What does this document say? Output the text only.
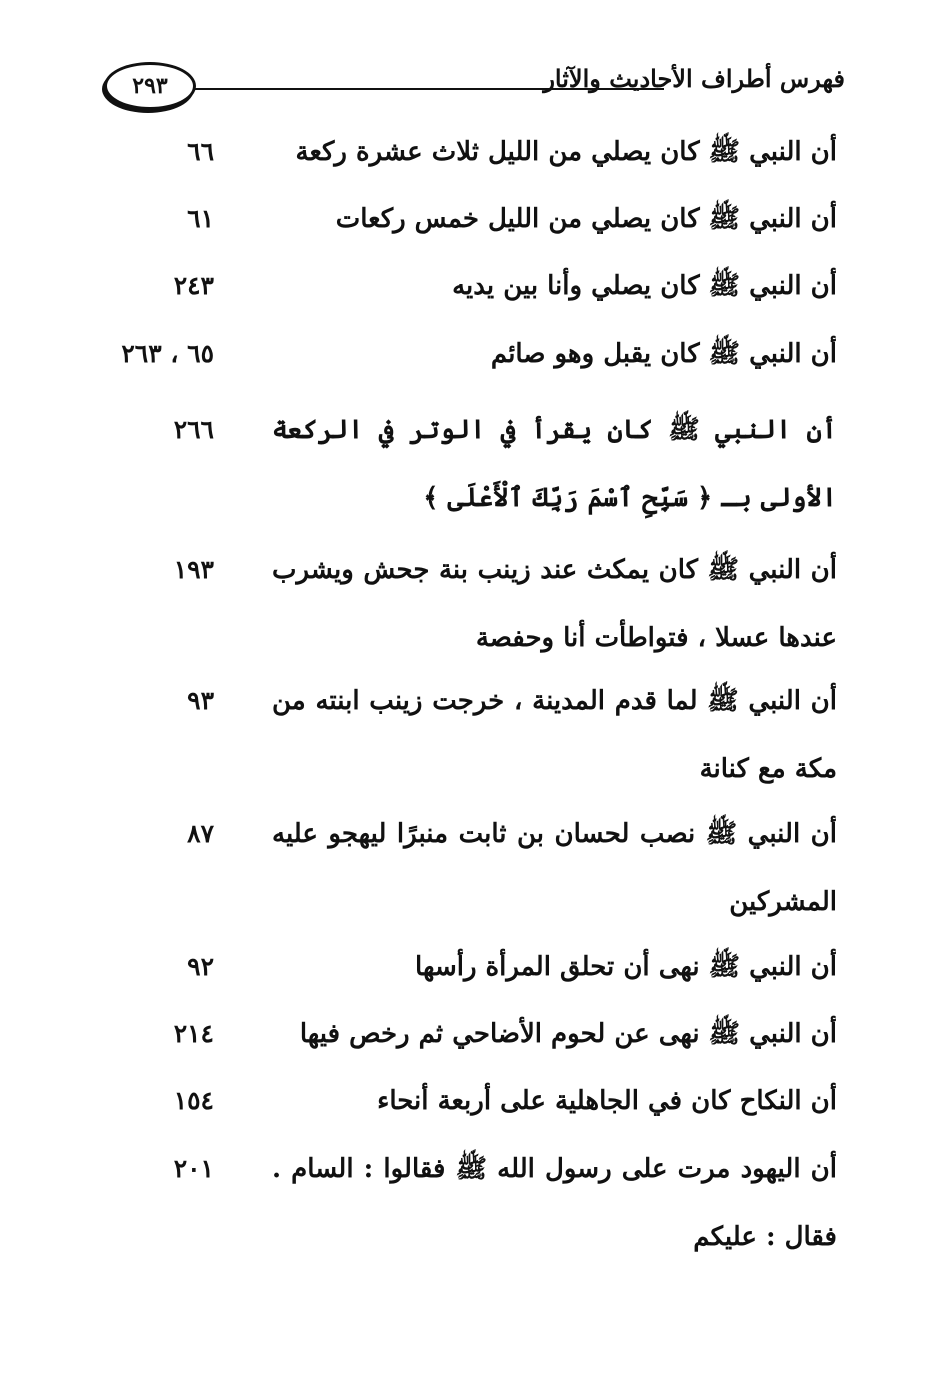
٢٩٣	فهرس أطراف الأحاديث والآثار
أن النبي ﷺ كان يصلي من الليل ثلاث عشرة ركعة
٦٦
أن النبي ﷺ كان يصلي من الليل خمس ركعات
٦١
أن النبي ﷺ كان يصلي وأنا بين يديه
٢٤٣
أن النبي ﷺ كان يقبل وهو صائم
٦٥ ، ٢٦٣
أن النبي ﷺ كان يقرأ في الوتر في الركعة الأولى بـ ﴿ سَبِّحِ ٱسْمَ رَبِّكَ ٱلْأَعْلَى ﴾
٢٦٦
أن النبي ﷺ كان يمكث عند زينب بنة جحش ويشرب عندها عسلا ، فتواطأت أنا وحفصة
١٩٣
أن النبي ﷺ لما قدم المدينة ، خرجت زينب ابنته من مكة مع كنانة
٩٣
أن النبي ﷺ نصب لحسان بن ثابت منبرًا ليهجو عليه المشركين
٨٧
أن النبي ﷺ نهى أن تحلق المرأة رأسها
٩٢
أن النبي ﷺ نهى عن لحوم الأضاحي ثم رخص فيها
٢١٤
أن النكاح كان في الجاهلية على أربعة أنحاء
١٥٤
أن اليهود مرت على رسول الله ﷺ فقالوا : السام . فقال : عليكم
٢٠١
